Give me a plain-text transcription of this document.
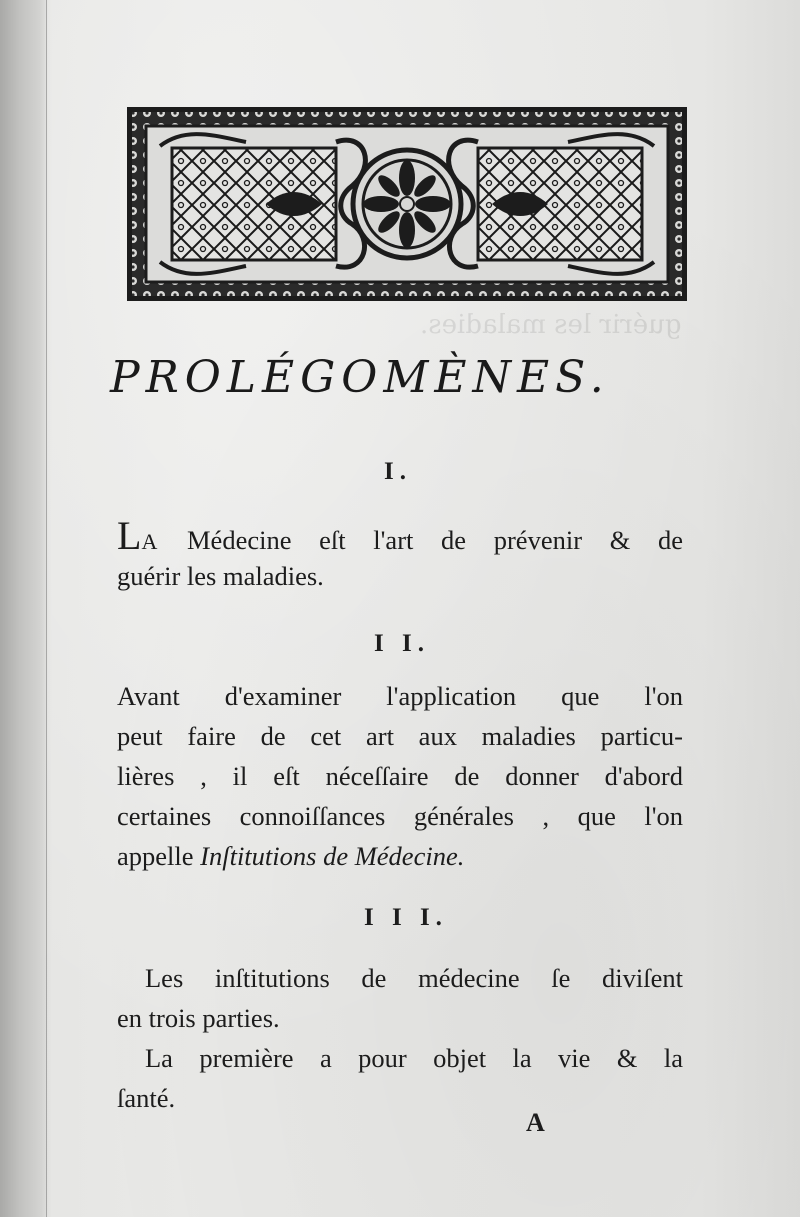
guérir les maladies.
PROLÉGOMÈNES.
I.
LA Médecine eſt l'art de prévenir & de
guérir les maladies.
I I.
Avant d'examiner l'application que l'on
peut faire de cet art aux maladies particu-
lières , il eſt néceſſaire de donner d'abord
certaines connoiſſances générales , que l'on
appelle Inſtitutions de Médecine.
I I I.
Les inſtitutions de médecine ſe diviſent
en trois parties.
La première a pour objet la vie & la
ſanté.
A
